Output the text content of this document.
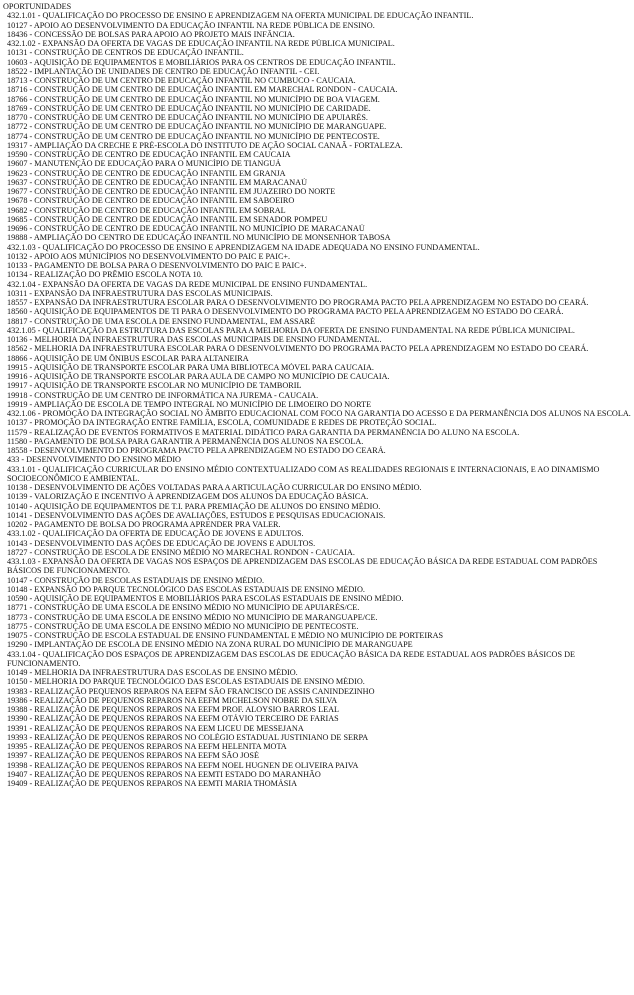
OPORTUNIDADES
432.1.01 - QUALIFICAÇÃO DO PROCESSO DE ENSINO E APRENDIZAGEM NA OFERTA MUNICIPAL DE EDUCAÇÃO INFANTIL.
10127 - APOIO AO DESENVOLVIMENTO DA EDUCAÇÃO INFANTIL NA REDE PÚBLICA DE ENSINO.
18436 - CONCESSÃO DE BOLSAS PARA APOIO AO PROJETO MAIS INFÂNCIA.
432.1.02 - EXPANSÃO DA OFERTA DE VAGAS DE EDUCAÇÃO INFANTIL NA REDE PÚBLICA MUNICIPAL.
10131 - CONSTRUÇÃO DE CENTROS DE EDUCAÇÃO INFANTIL.
10603 - AQUISIÇÃO DE EQUIPAMENTOS E MOBILIÁRIOS PARA OS CENTROS DE EDUCAÇÃO INFANTIL.
18522 - IMPLANTAÇÃO DE UNIDADES DE CENTRO DE EDUCAÇÃO INFANTIL - CEI.
18713 - CONSTRUÇÃO DE UM CENTRO DE EDUCAÇÃO INFANTIL NO CUMBUCO - CAUCAIA.
18716 - CONSTRUÇÃO DE UM CENTRO DE EDUCAÇÃO INFANTIL EM MARECHAL RONDON - CAUCAIA.
18766 - CONSTRUÇÃO DE UM CENTRO DE EDUCAÇÃO INFANTIL NO MUNICÍPIO DE BOA VIAGEM.
18769 - CONSTRUÇÃO DE UM CENTRO DE EDUCAÇÃO INFANTIL NO MUNICÍPIO DE CARIDADE.
18770 - CONSTRUÇÃO DE UM CENTRO DE EDUCAÇÃO INFANTIL NO MUNICÍPIO DE APUIARÉS.
18772 - CONSTRUÇÃO DE UM CENTRO DE EDUCAÇÃO INFANTIL NO MUNICÍPIO DE MARANGUAPE.
18774 - CONSTRUÇÃO DE UM CENTRO DE EDUCAÇÃO INFANTIL NO MUNICÍPIO DE PENTECOSTE.
19317 - AMPLIAÇÃO DA CRECHE E PRÉ-ESCOLA DO INSTITUTO DE AÇÃO SOCIAL CANAÃ - FORTALEZA.
19590 - CONSTRUÇÃO DE CENTRO DE EDUCAÇÃO INFANTIL EM CAUCAIA
19607 - MANUTENÇÃO DE EDUCAÇÃO PARA O MUNICÍPIO DE TIANGUÁ
19623 - CONSTRUÇÃO DE CENTRO DE EDUCAÇÃO INFANTIL EM GRANJA
19637 - CONSTRUÇÃO DE CENTRO DE EDUCAÇÃO INFANTIL EM MARACANAÚ
19677 - CONSTRUÇÃO DE CENTRO DE EDUCAÇÃO INFANTIL EM JUAZEIRO DO NORTE
19678 - CONSTRUÇÃO DE CENTRO DE EDUCAÇÃO INFANTIL EM SABOEIRO
19682 - CONSTRUÇÃO DE CENTRO DE EDUCAÇÃO INFANTIL EM SOBRAL
19685 - CONSTRUÇÃO DE CENTRO DE EDUCAÇÃO INFANTIL EM SENADOR POMPEU
19696 - CONSTRUÇÃO DE CENTRO DE EDUCAÇÃO INFANTIL NO MUNICÍPIO DE MARACANAÚ
19888 - AMPLIAÇÃO DO CENTRO DE EDUCAÇÃO INFANTIL NO MUNICÍPIO DE MONSENHOR TABOSA
432.1.03 - QUALIFICAÇÃO DO PROCESSO DE ENSINO E APRENDIZAGEM NA IDADE ADEQUADA NO ENSINO FUNDAMENTAL.
10132 - APOIO AOS MUNICÍPIOS NO DESENVOLVIMENTO DO PAIC E PAIC+.
10133 - PAGAMENTO DE BOLSA PARA O DESENVOLVIMENTO DO PAIC E PAIC+.
10134 - REALIZAÇÃO DO PRÊMIO ESCOLA NOTA 10.
432.1.04 - EXPANSÃO DA OFERTA DE VAGAS DA REDE MUNICIPAL DE ENSINO FUNDAMENTAL.
10311 - EXPANSÃO DA INFRAESTRUTURA DAS ESCOLAS MUNICIPAIS.
18557 - EXPANSÃO DA INFRAESTRUTURA ESCOLAR PARA O DESENVOLVIMENTO DO PROGRAMA PACTO PELA APRENDIZAGEM NO ESTADO DO CEARÁ.
18560 - AQUISIÇÃO DE EQUIPAMENTOS DE TI PARA O DESENVOLVIMENTO DO PROGRAMA PACTO PELA APRENDIZAGEM NO ESTADO DO CEARÁ.
18817 - CONSTRUÇÃO DE UMA ESCOLA DE ENSINO FUNDAMENTAL, EM ASSARÉ
432.1.05 - QUALIFICAÇÃO DA ESTRUTURA DAS ESCOLAS PARA A MELHORIA DA OFERTA DE ENSINO FUNDAMENTAL NA REDE PÚBLICA MUNICIPAL.
10136 - MELHORIA DA INFRAESTRUTURA DAS ESCOLAS MUNICIPAIS DE ENSINO FUNDAMENTAL.
18562 - MELHORIA DA INFRAESTRUTURA ESCOLAR PARA O DESENVOLVIMENTO DO PROGRAMA PACTO PELA APRENDIZAGEM NO ESTADO DO CEARÁ.
18866 - AQUISIÇÃO DE UM ÔNIBUS ESCOLAR PARA ALTANEIRA
19915 - AQUISIÇÃO DE TRANSPORTE ESCOLAR PARA UMA BIBLIOTECA MÓVEL PARA CAUCAIA.
19916 - AQUISIÇÃO DE TRANSPORTE ESCOLAR PARA AULA DE CAMPO NO MUNICÍPIO DE CAUCAIA.
19917 - AQUISIÇÃO DE TRANSPORTE ESCOLAR NO MUNICÍPIO DE TAMBORIL
19918 - CONSTRUÇÃO DE UM CENTRO DE INFORMÁTICA NA JUREMA - CAUCAIA.
19919 - AMPLIAÇÃO DE ESCOLA DE TEMPO INTEGRAL NO MUNICÍPIO DE LIMOEIRO DO NORTE
432.1.06 - PROMOÇÃO DA INTEGRAÇÃO SOCIAL NO ÂMBITO EDUCACIONAL COM FOCO NA GARANTIA DO ACESSO E DA PERMANÊNCIA DOS ALUNOS NA ESCOLA.
10137 - PROMOÇÃO DA INTEGRAÇÃO ENTRE FAMÍLIA, ESCOLA, COMUNIDADE E REDES DE PROTEÇÃO SOCIAL.
11579 - REALIZAÇÃO DE EVENTOS FORMATIVOS E MATERIAL DIDÁTICO PARA GARANTIA DA PERMANÊNCIA DO ALUNO NA ESCOLA.
11580 - PAGAMENTO DE BOLSA PARA GARANTIR A PERMANÊNCIA DOS ALUNOS NA ESCOLA.
18558 - DESENVOLVIMENTO DO PROGRAMA PACTO PELA APRENDIZAGEM NO ESTADO DO CEARÁ.
433 - DESENVOLVIMENTO DO ENSINO MÉDIO
433.1.01 - QUALIFICAÇÃO CURRICULAR DO ENSINO MÉDIO CONTEXTUALIZADO COM AS REALIDADES REGIONAIS E INTERNACIONAIS, E AO DINAMISMO SOCIOECONÔMICO E AMBIENTAL.
10138 - DESENVOLVIMENTO DE AÇÕES VOLTADAS PARA A ARTICULAÇÃO CURRICULAR DO ENSINO MÉDIO.
10139 - VALORIZAÇÃO E INCENTIVO À APRENDIZAGEM DOS ALUNOS DA EDUCAÇÃO BÁSICA.
10140 - AQUISIÇÃO DE EQUIPAMENTOS DE T.I. PARA PREMIAÇÃO DE ALUNOS DO ENSINO MÉDIO.
10141 - DESENVOLVIMENTO DAS AÇÕES DE AVALIAÇÕES, ESTUDOS E PESQUISAS EDUCACIONAIS.
10202 - PAGAMENTO DE BOLSA DO PROGRAMA APRENDER PRA VALER.
433.1.02 - QUALIFICAÇÃO DA OFERTA DE EDUCAÇÃO DE JOVENS E ADULTOS.
10143 - DESENVOLVIMENTO DAS AÇÕES DE EDUCAÇÃO DE JOVENS E ADULTOS.
18727 - CONSTRUÇÃO DE ESCOLA DE ENSINO MÉDIO NO MARECHAL RONDON - CAUCAIA.
433.1.03 - EXPANSÃO DA OFERTA DE VAGAS NOS ESPAÇOS DE APRENDIZAGEM DAS ESCOLAS DE EDUCAÇÃO BÁSICA DA REDE ESTADUAL COM PADRÕES BÁSICOS DE FUNCIONAMENTO.
10147 - CONSTRUÇÃO DE ESCOLAS ESTADUAIS DE ENSINO MÉDIO.
10148 - EXPANSÃO DO PARQUE TECNOLÓGICO DAS ESCOLAS ESTADUAIS DE ENSINO MÉDIO.
10590 - AQUISIÇÃO DE EQUIPAMENTOS E MOBILIÁRIOS PARA ESCOLAS ESTADUAIS DE ENSINO MÉDIO.
18771 - CONSTRUÇÃO DE UMA ESCOLA DE ENSINO MÉDIO NO MUNICÍPIO DE APUIARÉS/CE.
18773 - CONSTRUÇÃO DE UMA ESCOLA DE ENSINO MÉDIO NO MUNICÍPIO DE MARANGUAPE/CE.
18775 - CONSTRUÇÃO DE UMA ESCOLA DE ENSINO MÉDIO NO MUNICÍPIO DE PENTECOSTE.
19075 - CONSTRUÇÃO DE ESCOLA ESTADUAL DE ENSINO FUNDAMENTAL E MÉDIO NO MUNICÍPIO DE PORTEIRAS
19290 - IMPLANTAÇÃO DE ESCOLA DE ENSINO MÉDIO NA ZONA RURAL DO MUNICÍPIO DE MARANGUAPE
433.1.04 - QUALIFICAÇÃO DOS ESPAÇOS DE APRENDIZAGEM DAS ESCOLAS DE EDUCAÇÃO BÁSICA DA REDE ESTADUAL AOS PADRÕES BÁSICOS DE FUNCIONAMENTO.
10149 - MELHORIA DA INFRAESTRUTURA DAS ESCOLAS DE ENSINO MÉDIO.
10150 - MELHORIA DO PARQUE TECNOLÓGICO DAS ESCOLAS ESTADUAIS DE ENSINO MÉDIO.
19383 - REALIZAÇÃO PEQUENOS REPAROS NA EEFM SÃO FRANCISCO DE ASSIS CANINDEZINHO
19386 - REALIZAÇÃO DE PEQUENOS REPAROS NA EEFM MICHELSON NOBRE DA SILVA
19388 - REALIZAÇÃO DE PEQUENOS REPAROS NA EEFM PROF. ALOYSIO BARROS LEAL
19390 - REALIZAÇÃO DE PEQUENOS REPAROS NA EEFM OTÁVIO TERCEIRO DE FARIAS
19391 - REALIZAÇÃO DE PEQUENOS REPAROS NA EEM LICEU DE MESSEJANA
19393 - REALIZAÇÃO DE PEQUENOS REPAROS NO COLÉGIO ESTADUAL JUSTINIANO DE SERPA
19395 - REALIZAÇÃO DE PEQUENOS REPAROS NA EEFM HELENITA MOTA
19397 - REALIZAÇÃO DE PEQUENOS REPAROS NA EEFM SÃO JOSÉ
19398 - REALIZAÇÃO DE PEQUENOS REPAROS NA EEFM NOEL HUGNEN DE OLIVEIRA PAIVA
19407 - REALIZAÇÃO DE PEQUENOS REPAROS NA EEMTI ESTADO DO MARANHÃO
19409 - REALIZAÇÃO DE PEQUENOS REPAROS NA EEMTI MARIA THOMÁSIA
